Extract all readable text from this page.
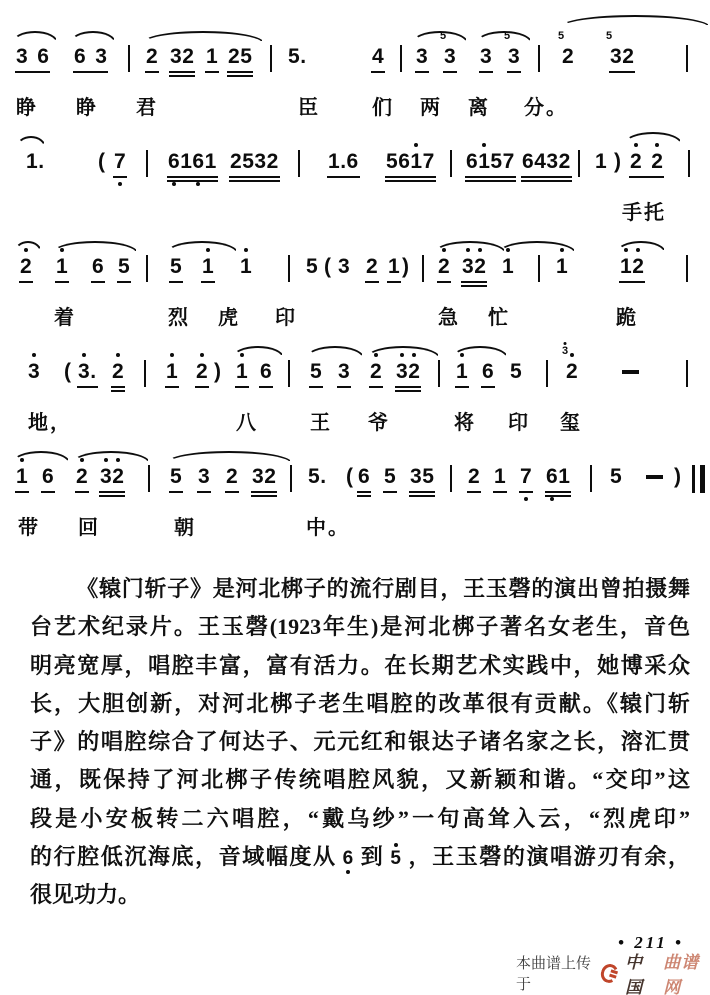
3 6 6 3 2 32 1 25 5.	4 3
5
3 3
5
3
5
2
5
32
睁 睁 君	臣	们 两 离 分。
1.	( 7 6
16
1 2532 1.6 561
7 61
57 6432 1 ) 2 2
手托
2 1 6 5 5 1 1	5 ( 3 2 1 ) 2 3
2 1 1 1
2
着	烈 虎 印	急 忙	跪
3 ( 3
. 2 1 2 ) 1 6 5 3 2 3
2 1 6 5
3
2
地，	八	王 爷	将 印 玺
1 6 2 3
2 5 3 2 32 5. ( 6 5 35 2 1 7 6
1 5 )
带 回	朝	中。
《辕门斩子》是河北梆子的流行剧目，王玉磬的演出曾拍摄舞
台艺术纪录片。王玉磬(1923年生)是河北梆子著名女老生，音色
明亮宽厚，唱腔丰富，富有活力。在长期艺术实践中，她博采众
长，大胆创新，对河北梆子老生唱腔的改革很有贡献。《辕门斩
子》的唱腔综合了何达子、元元红和银达子诸名家之长，溶汇贯
通，既保持了河北梆子传统唱腔风貌，又新颖和谐。“交印”这
段是小安板转二六唱腔，“戴乌纱”一句高耸入云，“烈虎印”
的行腔低沉海底，音域幅度从 6 到 5 ，王玉磬的演唱游刃有余，
很见功力。
• 211 •
本曲谱上传于
中国
曲谱网
